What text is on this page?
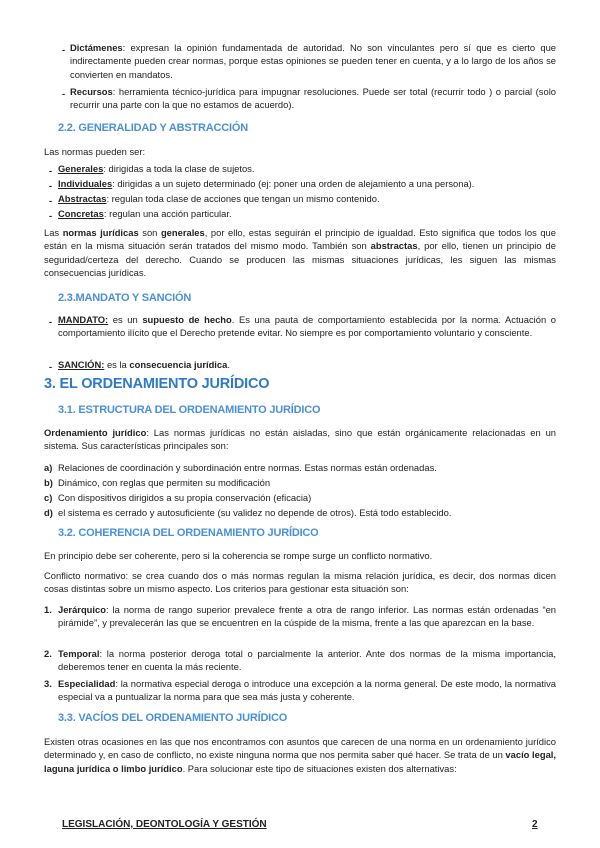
- Dictámenes: expresan la opinión fundamentada de autoridad. No son vinculantes pero sí que es cierto que indirectamente pueden crear normas, porque estas opiniones se pueden tener en cuenta, y a lo largo de los años se convierten en mandatos.
- Recursos: herramienta técnico-jurídica para impugnar resoluciones. Puede ser total (recurrir todo ) o parcial (solo recurrir una parte con la que no estamos de acuerdo).
2.2. GENERALIDAD Y ABSTRACCIÓN
Las normas pueden ser:
- Generales: dirigidas a toda la clase de sujetos.
- Individuales: dirigidas a un sujeto determinado (ej: poner una orden de alejamiento a una persona).
- Abstractas: regulan toda clase de acciones que tengan un mismo contenido.
- Concretas: regulan una acción particular.
Las normas jurídicas son generales, por ello, estas seguirán el principio de igualdad. Esto significa que todos los que están en la misma situación serán tratados del mismo modo. También son abstractas, por ello, tienen un principio de seguridad/certeza del derecho. Cuando se producen las mismas situaciones jurídicas, les siguen las mismas consecuencias jurídicas.
2.3.MANDATO Y SANCIÓN
- MANDATO: es un supuesto de hecho. Es una pauta de comportamiento establecida por la norma. Actuación o comportamiento ilícito que el Derecho pretende evitar. No siempre es por comportamiento voluntario y consciente.
- SANCIÓN: es la consecuencia jurídica.
3. EL ORDENAMIENTO JURÍDICO
3.1. ESTRUCTURA DEL ORDENAMIENTO JURÍDICO
Ordenamiento jurídico: Las normas jurídicas no están aisladas, sino que están orgánicamente relacionadas en un sistema. Sus características principales son:
a) Relaciones de coordinación y subordinación entre normas. Estas normas están ordenadas.
b) Dinámico, con reglas que permiten su modificación
c) Con dispositivos dirigidos a su propia conservación (eficacia)
d) el sistema es cerrado y autosuficiente (su validez no depende de otros). Está todo establecido.
3.2. COHERENCIA DEL ORDENAMIENTO JURÍDICO
En principio debe ser coherente, pero si la coherencia se rompe surge un conflicto normativo.
Conflicto normativo: se crea cuando dos o más normas regulan la misma relación jurídica, es decir, dos normas dicen cosas distintas sobre un mismo aspecto. Los criterios para gestionar esta situación son:
1. Jerárquico: la norma de rango superior prevalece frente a otra de rango inferior. Las normas están ordenadas “en pirámide”, y prevalecerán las que se encuentren en la cúspide de la misma, frente a las que aparezcan en la base.
2. Temporal: la norma posterior deroga total o parcialmente la anterior. Ante dos normas de la misma importancia, deberemos tener en cuenta la más reciente.
3. Especialidad: la normativa especial deroga o introduce una excepción a la norma general. De este modo, la normativa especial va a puntualizar la norma para que sea más justa y coherente.
3.3. VACÍOS DEL ORDENAMIENTO JURÍDICO
Existen otras ocasiones en las que nos encontramos con asuntos que carecen de una norma en un ordenamiento jurídico determinado y, en caso de conflicto, no existe ninguna norma que nos permita saber qué hacer. Se trata de un vacío legal, laguna jurídica o limbo jurídico. Para solucionar este tipo de situaciones existen dos alternativas:
LEGISLACIÓN, DEONTOLOGÍA Y GESTIÓN	2
